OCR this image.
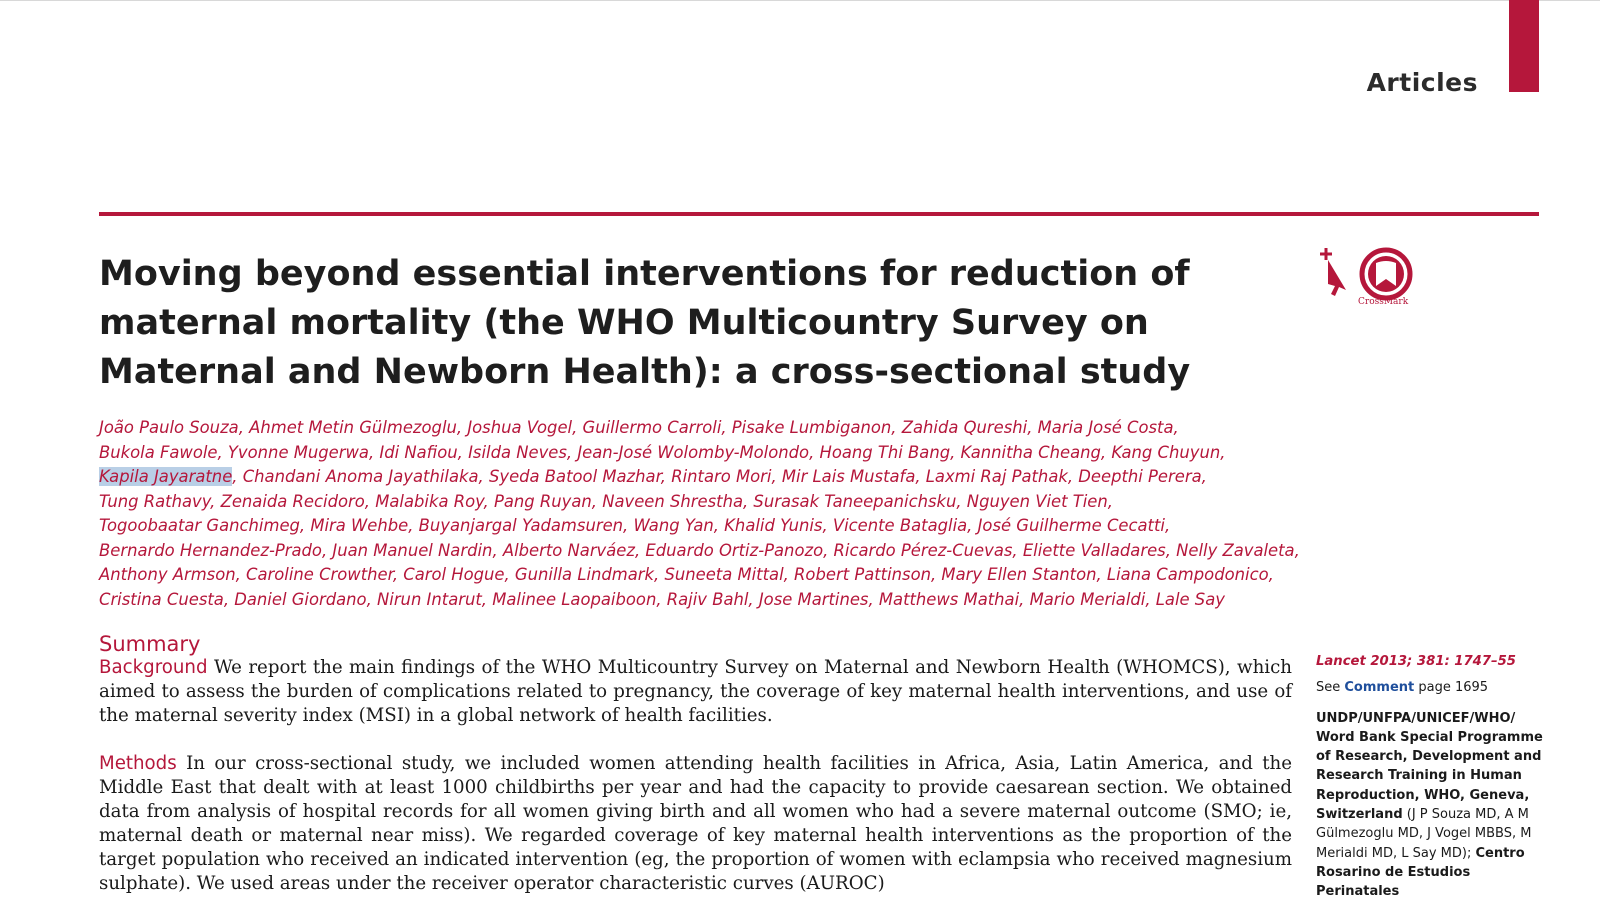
Articles
Moving beyond essential interventions for reduction of
maternal mortality (the WHO Multicountry Survey on
Maternal and Newborn Health): a cross-sectional study
CrossMark
João Paulo Souza, Ahmet Metin Gülmezoglu, Joshua Vogel, Guillermo Carroli, Pisake Lumbiganon, Zahida Qureshi, Maria José Costa,
Bukola Fawole, Yvonne Mugerwa, Idi Nafiou, Isilda Neves, Jean-José Wolomby-Molondo, Hoang Thi Bang, Kannitha Cheang, Kang Chuyun,
Kapila Jayaratne, Chandani Anoma Jayathilaka, Syeda Batool Mazhar, Rintaro Mori, Mir Lais Mustafa, Laxmi Raj Pathak, Deepthi Perera,
Tung Rathavy, Zenaida Recidoro, Malabika Roy, Pang Ruyan, Naveen Shrestha, Surasak Taneepanichsku, Nguyen Viet Tien,
Togoobaatar Ganchimeg, Mira Wehbe, Buyanjargal Yadamsuren, Wang Yan, Khalid Yunis, Vicente Bataglia, José Guilherme Cecatti,
Bernardo Hernandez-Prado, Juan Manuel Nardin, Alberto Narváez, Eduardo Ortiz-Panozo, Ricardo Pérez-Cuevas, Eliette Valladares, Nelly Zavaleta,
Anthony Armson, Caroline Crowther, Carol Hogue, Gunilla Lindmark, Suneeta Mittal, Robert Pattinson, Mary Ellen Stanton, Liana Campodonico,
Cristina Cuesta, Daniel Giordano, Nirun Intarut, Malinee Laopaiboon, Rajiv Bahl, Jose Martines, Matthews Mathai, Mario Merialdi, Lale Say
Summary

Background We report the main findings of the WHO Multicountry Survey on Maternal and Newborn Health (WHOMCS), which aimed to assess the burden of complications related to pregnancy, the coverage of key maternal health interventions, and use of the maternal severity index (MSI) in a global network of health facilities.

Methods In our cross-sectional study, we included women attending health facilities in Africa, Asia, Latin America, and the Middle East that dealt with at least 1000 childbirths per year and had the capacity to provide caesarean section. We obtained data from analysis of hospital records for all women giving birth and all women who had a severe maternal outcome (SMO; ie, maternal death or maternal near miss). We regarded coverage of key maternal health interventions as the proportion of the target population who received an indicated intervention (eg, the proportion of women with eclampsia who received magnesium sulphate). We used areas under the receiver operator characteristic curves (AUROC)

Lancet 2013; 381: 1747–55
See Comment page 1695
UNDP/UNFPA/UNICEF/WHO/ Word Bank Special Programme of Research, Development and Research Training in Human Reproduction, WHO, Geneva, Switzerland (J P Souza MD, A M Gülmezoglu MD, J Vogel MBBS, M Merialdi MD, L Say MD); Centro Rosarino de Estudios Perinatales
